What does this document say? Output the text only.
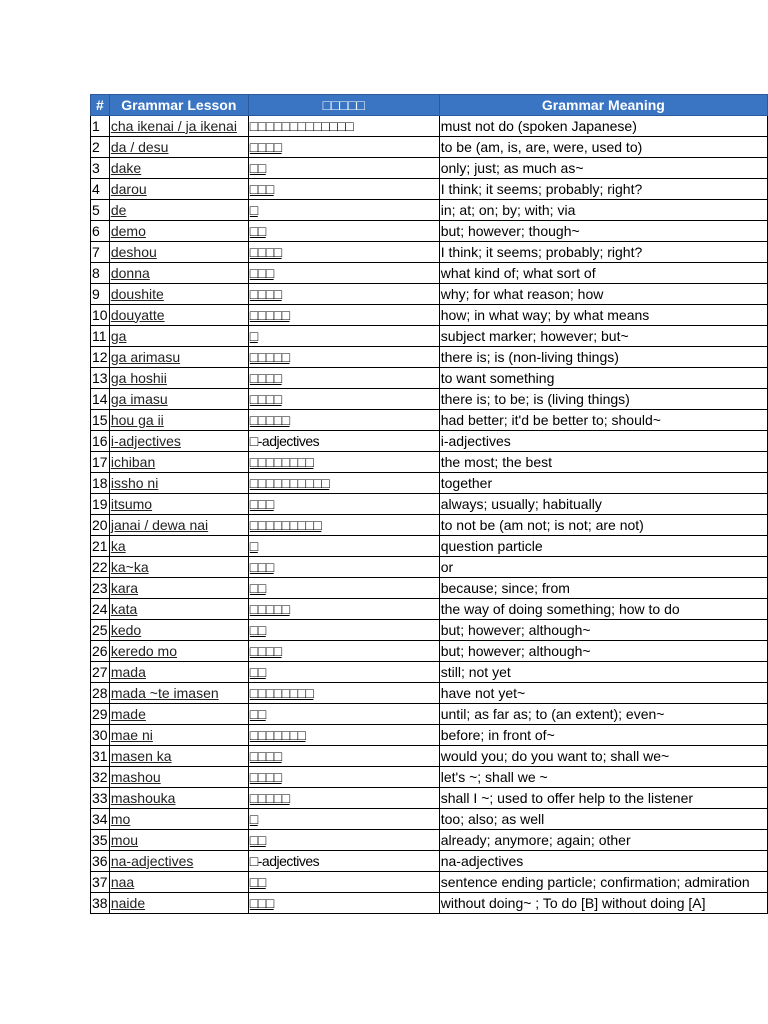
#	Grammar Lesson	□□□□□	Grammar Meaning
1	cha ikenai / ja ikenai	□□□□□□□□□□□□□	must not do (spoken Japanese)
2	da / desu	□□□□	to be (am, is, are, were, used to)
3	dake	□□	only; just; as much as~
4	darou	□□□	I think; it seems; probably; right?
5	de	□	in; at; on; by; with; via
6	demo	□□	but; however; though~
7	deshou	□□□□	I think; it seems; probably; right?
8	donna	□□□	what kind of; what sort of
9	doushite	□□□□	why; for what reason; how
10	douyatte	□□□□□	how; in what way; by what means
11	ga	□	subject marker; however; but~
12	ga arimasu	□□□□□	there is; is (non-living things)
13	ga hoshii	□□□□	to want something
14	ga imasu	□□□□	there is; to be; is (living things)
15	hou ga ii	□□□□□	had better; it'd be better to; should~
16	i-adjectives	□-adjectives	i-adjectives
17	ichiban	□□□□□□□□	the most; the best
18	issho ni	□□□□□□□□□□	together
19	itsumo	□□□	always; usually; habitually
20	janai / dewa nai	□□□□□□□□□	to not be (am not; is not; are not)
21	ka	□	question particle
22	ka~ka	□□□	or
23	kara	□□	because; since; from
24	kata	□□□□□	the way of doing something; how to do
25	kedo	□□	but; however; although~
26	keredo mo	□□□□	but; however; although~
27	mada	□□	still; not yet
28	mada ~te imasen	□□□□□□□□	have not yet~
29	made	□□	until; as far as; to (an extent); even~
30	mae ni	□□□□□□□	before; in front of~
31	masen ka	□□□□	would you; do you want to; shall we~
32	mashou	□□□□	let's ~; shall we ~
33	mashouka	□□□□□	shall I ~; used to offer help to the listener
34	mo	□	too; also; as well
35	mou	□□	already; anymore; again; other
36	na-adjectives	□-adjectives	na-adjectives
37	naa	□□	sentence ending particle; confirmation; admiration
38	naide	□□□	without doing~ ; To do [B] without doing [A]
